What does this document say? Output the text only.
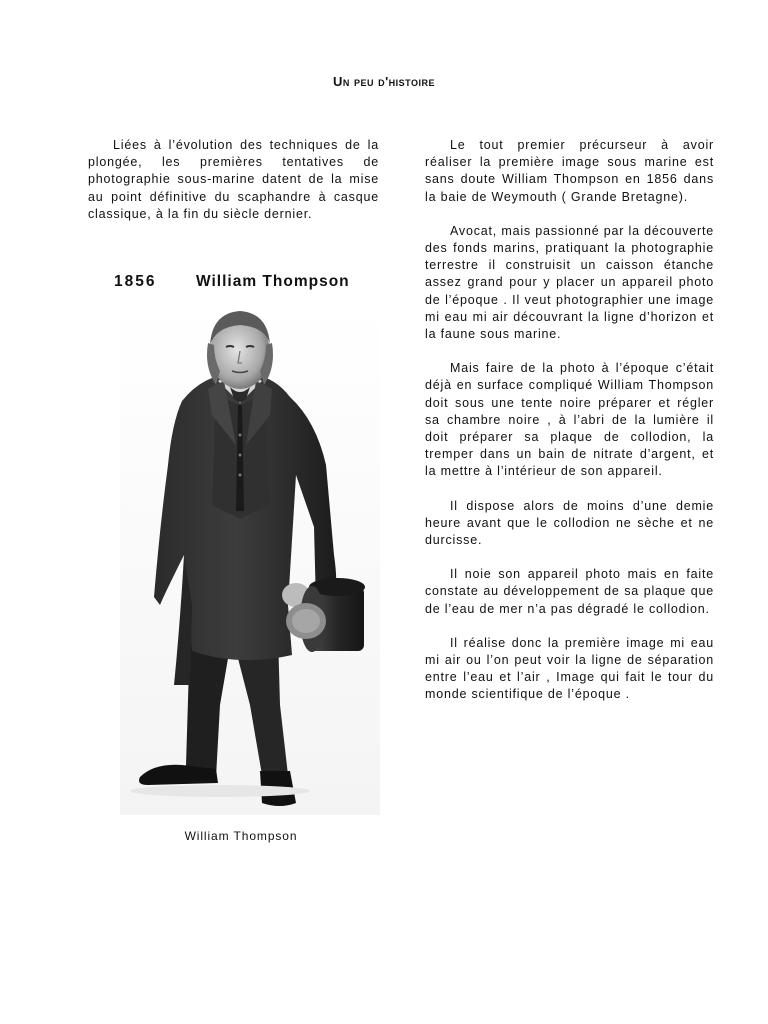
Un peu d'histoire

Liées à l’évolution des techniques de la plongée, les premières tentatives de photographie sous-marine datent de la mise au point définitive du scaphandre à casque classique, à la fin du siècle dernier.

1856	William Thompson

William Thompson

Le tout premier précurseur à avoir réaliser la première image sous marine est sans doute William Thompson en 1856 dans la baie de Weymouth ( Grande Bretagne).

Avocat, mais passionné par la découverte des fonds marins, pratiquant la photographie terrestre il construisit un caisson étanche assez grand pour y placer un appareil photo de l’époque . Il veut photographier une image mi eau mi air découvrant la ligne d’horizon et la faune sous marine.

Mais faire de la photo à l’époque c’était déjà en surface compliqué William Thompson doit sous une tente noire préparer et régler sa chambre noire , à l’abri de la lumière il doit préparer sa plaque de collodion, la tremper dans un bain de nitrate d’argent, et la mettre à l’intérieur de son appareil.

Il dispose alors de moins d’une demie heure avant que le collodion ne sèche et ne durcisse.

Il noie son appareil photo mais en faite constate au développement de sa plaque que de l’eau de mer n’a pas dégradé le collodion.

Il réalise donc la première image mi eau mi air ou l’on peut voir la ligne de séparation entre l’eau et l’air , Image qui fait le tour du monde scientifique de l’époque .
